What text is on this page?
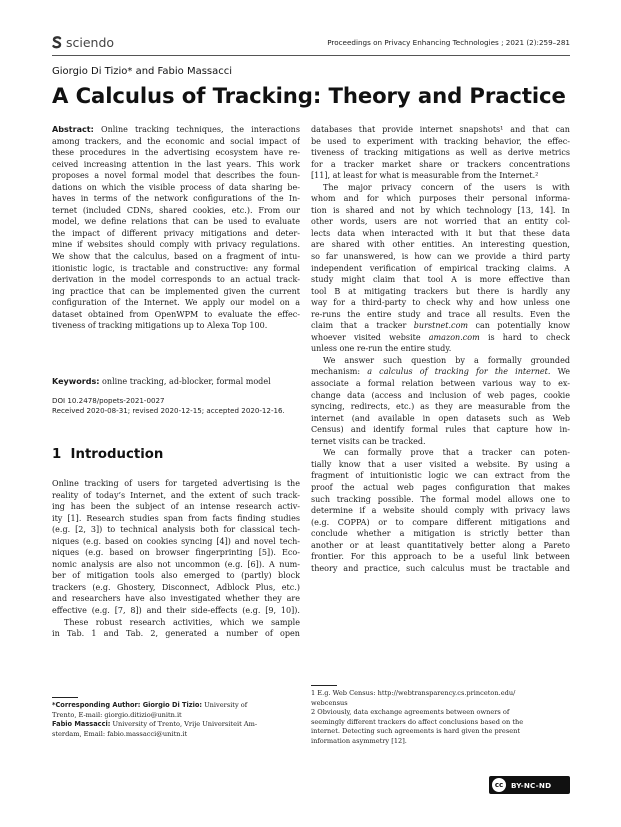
sciendo	Proceedings on Privacy Enhancing Technologies ; 2021 (2):259–281
Giorgio Di Tizio* and Fabio Massacci
A Calculus of Tracking: Theory and Practice
Abstract: Online tracking techniques, the interactions
among trackers, and the economic and social impact of
these procedures in the advertising ecosystem have re-
ceived increasing attention in the last years. This work
proposes a novel formal model that describes the foun-
dations on which the visible process of data sharing be-
haves in terms of the network configurations of the In-
ternet (included CDNs, shared cookies, etc.). From our
model, we define relations that can be used to evaluate
the impact of different privacy mitigations and deter-
mine if websites should comply with privacy regulations.
We show that the calculus, based on a fragment of intu-
itionistic logic, is tractable and constructive: any formal
derivation in the model corresponds to an actual track-
ing practice that can be implemented given the current
configuration of the Internet. We apply our model on a
dataset obtained from OpenWPM to evaluate the effec-
tiveness of tracking mitigations up to Alexa Top 100.
Keywords: online tracking, ad-blocker, formal model
DOI 10.2478/popets-2021-0027
Received 2020-08-31; revised 2020-12-15; accepted 2020-12-16.
1 Introduction
Online tracking of users for targeted advertising is the
reality of today’s Internet, and the extent of such track-
ing has been the subject of an intense research activ-
ity [1]. Research studies span from facts finding studies
(e.g. [2, 3]) to technical analysis both for classical tech-
niques (e.g. based on cookies syncing [4]) and novel tech-
niques (e.g. based on browser fingerprinting [5]). Eco-
nomic analysis are also not uncommon (e.g. [6]). A num-
ber of mitigation tools also emerged to (partly) block
trackers (e.g. Ghostery, Disconnect, Adblock Plus, etc.)
and researchers have also investigated whether they are
effective (e.g. [7, 8]) and their side-effects (e.g. [9, 10]).
These robust research activities, which we sample
in Tab. 1 and Tab. 2, generated a number of open
databases that provide internet snapshots¹ and that can
be used to experiment with tracking behavior, the effec-
tiveness of tracking mitigations as well as derive metrics
for a tracker market share or trackers concentrations
[11], at least for what is measurable from the Internet.²
The major privacy concern of the users is with
whom and for which purposes their personal informa-
tion is shared and not by which technology [13, 14]. In
other words, users are not worried that an entity col-
lects data when interacted with it but that these data
are shared with other entities. An interesting question,
so far unanswered, is how can we provide a third party
independent verification of empirical tracking claims. A
study might claim that tool A is more effective than
tool B at mitigating trackers but there is hardly any
way for a third-party to check why and how unless one
re-runs the entire study and trace all results. Even the
claim that a tracker burstnet.com can potentially know
whoever visited website amazon.com is hard to check
unless one re-run the entire study.
We answer such question by a formally grounded
mechanism: a calculus of tracking for the internet. We
associate a formal relation between various way to ex-
change data (access and inclusion of web pages, cookie
syncing, redirects, etc.) as they are measurable from the
internet (and available in open datasets such as Web
Census) and identify formal rules that capture how in-
ternet visits can be tracked.
We can formally prove that a tracker can poten-
tially know that a user visited a website. By using a
fragment of intuitionistic logic we can extract from the
proof the actual web pages configuration that makes
such tracking possible. The formal model allows one to
determine if a website should comply with privacy laws
(e.g. COPPA) or to compare different mitigations and
conclude whether a mitigation is strictly better than
another or at least quantitatively better along a Pareto
frontier. For this approach to be a useful link between
theory and practice, such calculus must be tractable and
*Corresponding Author: Giorgio Di Tizio: University of
Trento, E-mail: giorgio.ditizio@unitn.it
Fabio Massacci: University of Trento, Vrije Universiteit Am-
sterdam, Email: fabio.massacci@unitn.it
1 E.g. Web Census: http://webtransparency.cs.princeton.edu/
webcensus
2 Obviously, data exchange agreements between owners of
seemingly different trackers do affect conclusions based on the
internet. Detecting such agreements is hard given the present
information asymmetry [12].
cc	BY-NC-ND
